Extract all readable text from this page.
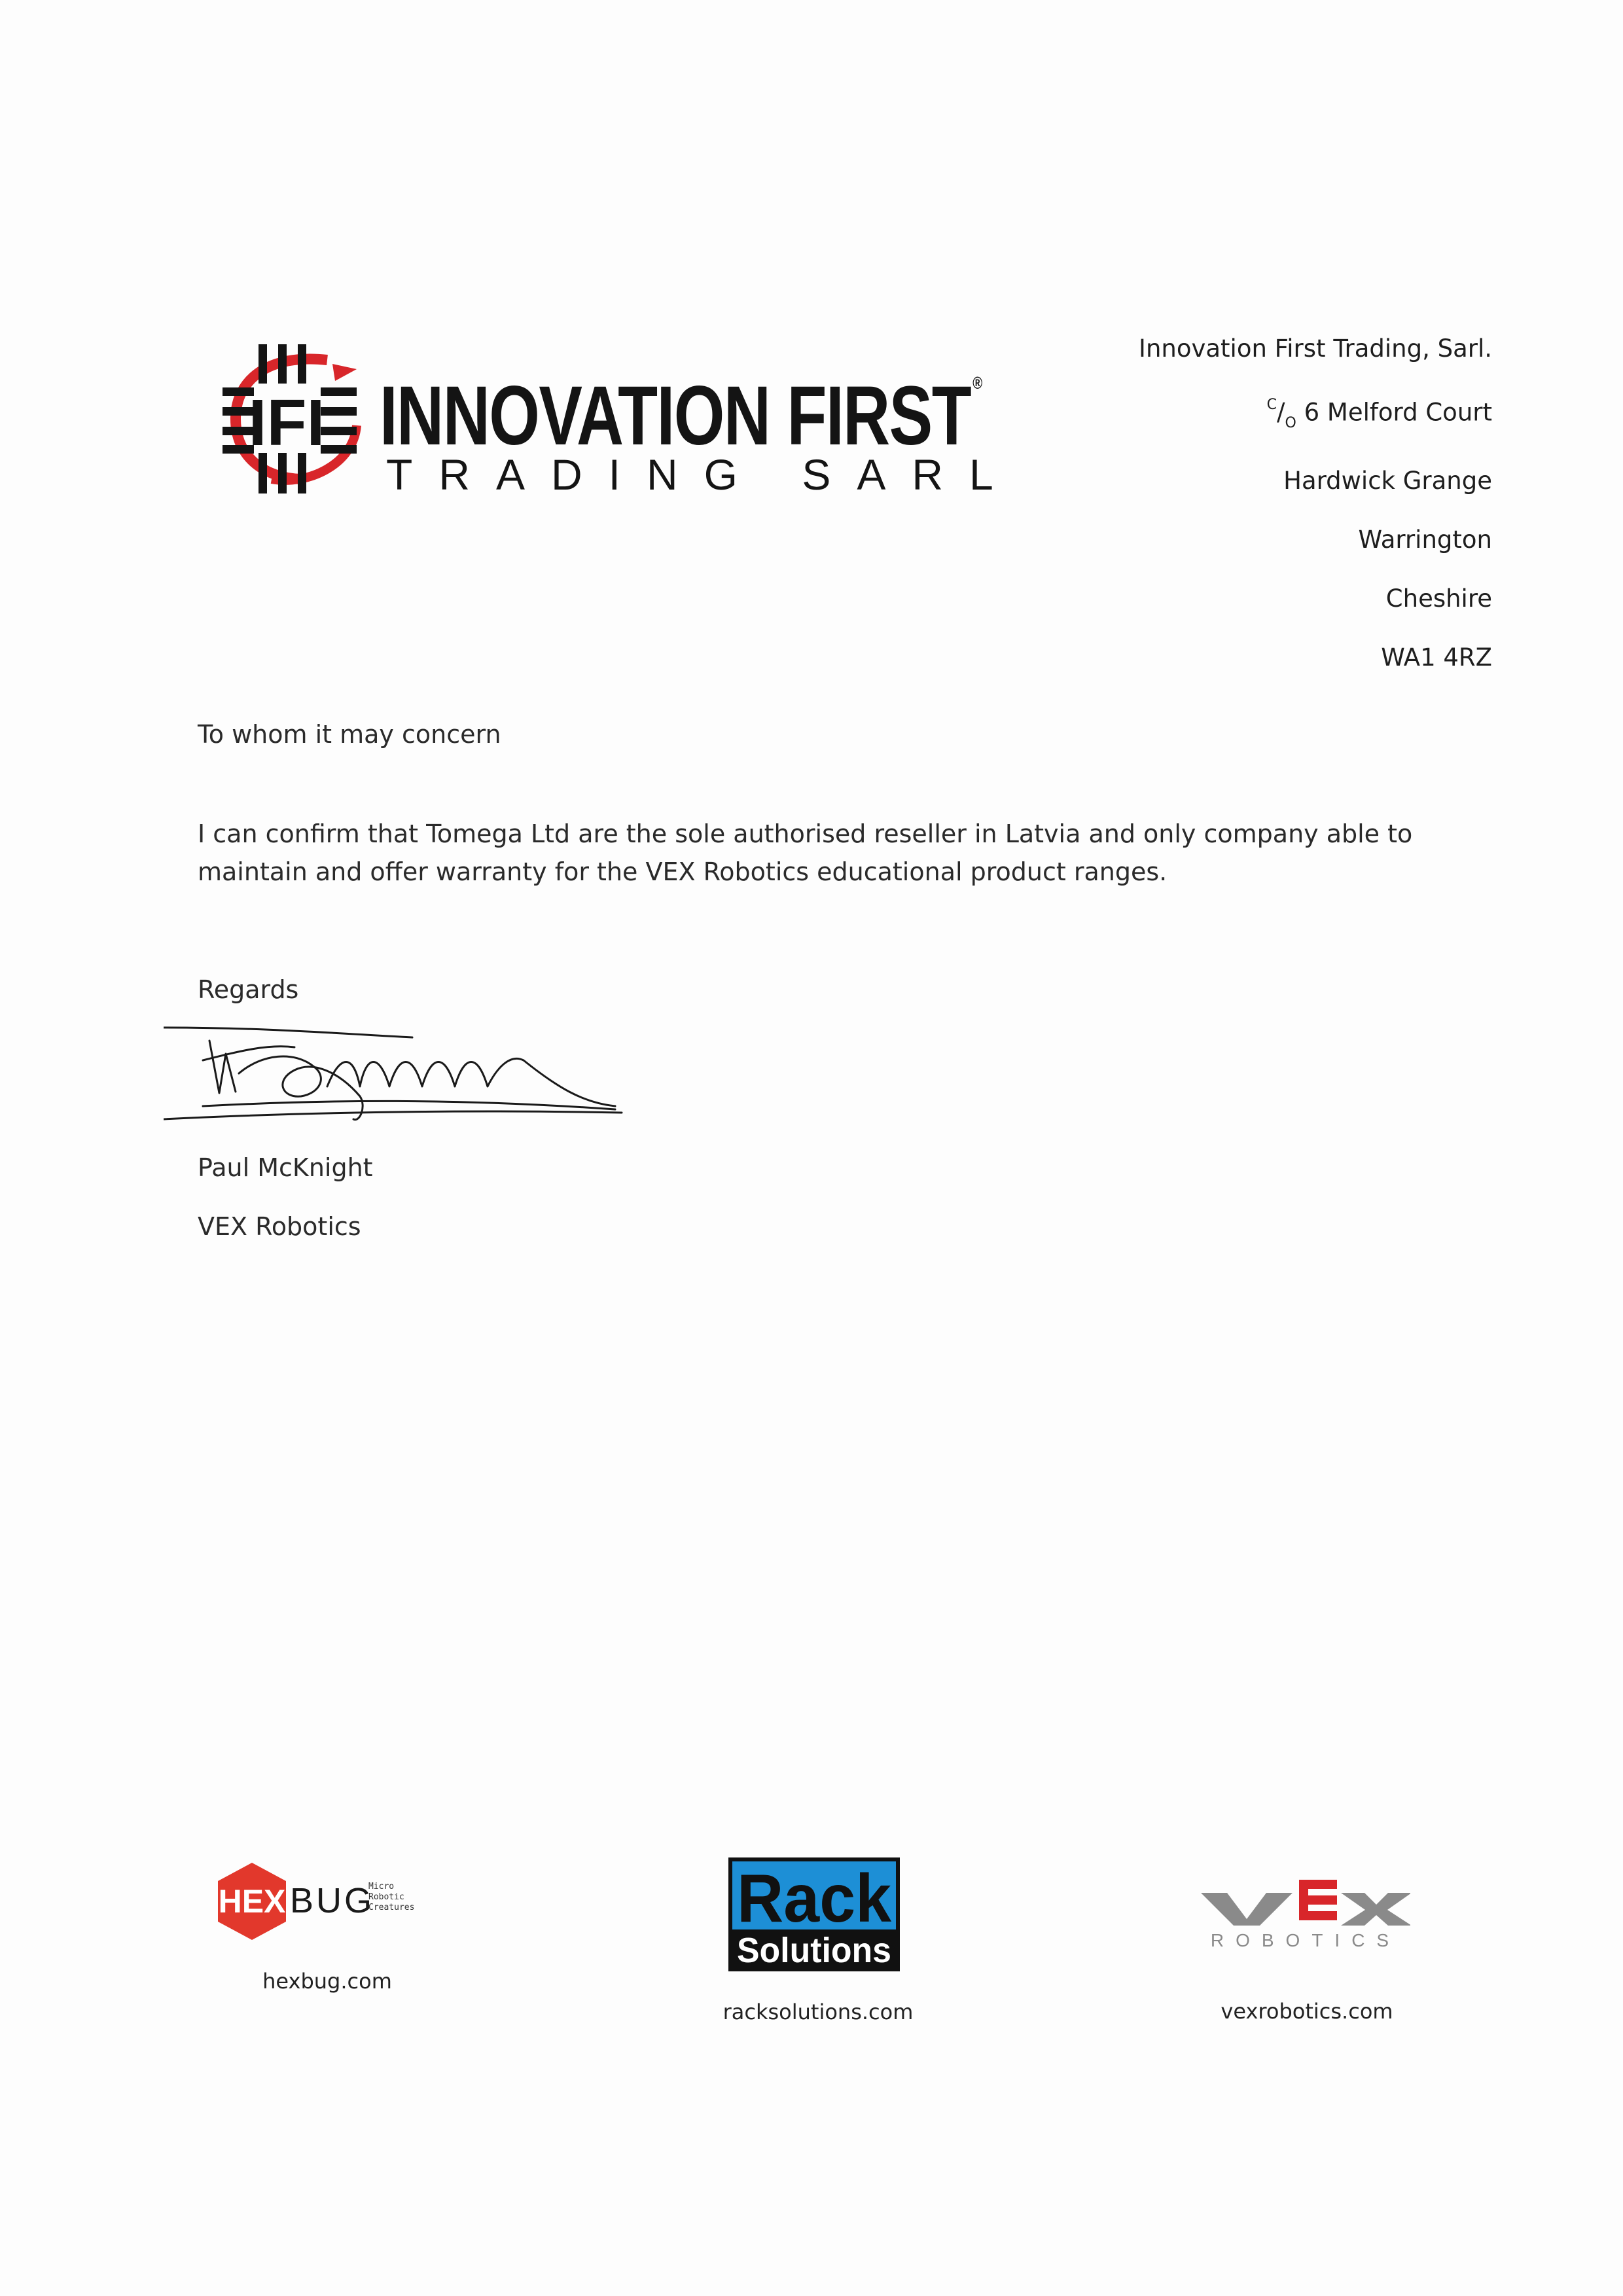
IFI INNOVATION FIRST ®
TRADING SARL
Innovation First Trading, Sarl.
$^C/_O$ 6 Melford Court
Hardwick Grange
Warrington
Cheshire
WA1 4RZ
To whom it may concern
I can confirm that Tomega Ltd are the sole authorised reseller in Latvia and only company able to
maintain and offer warranty for the VEX Robotics educational product ranges.
Regards
Paul McKnight
VEX Robotics
HEX BUG
Micro
Robotic
Creatures
hexbug.com
Rack
Solutions
racksolutions.com
ROBOTICS
vexrobotics.com
